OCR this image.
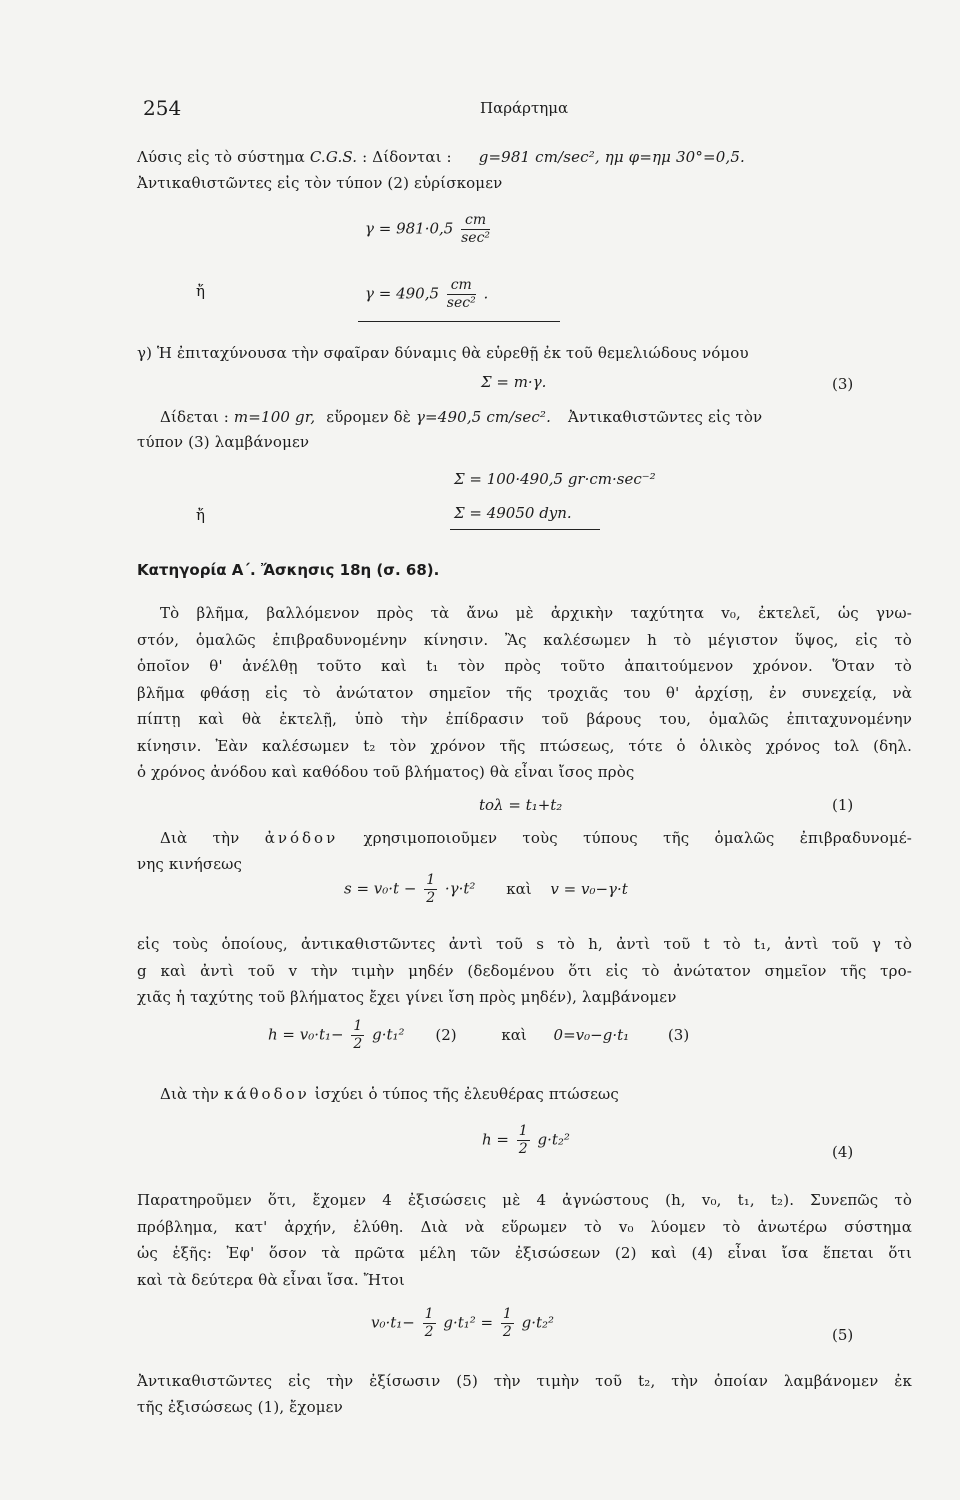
254	Παράρτημα
Λύσις εἰς τὸ σύστημα C.G.S. : Δίδονται : g=981 cm/sec², ημ φ=ημ 30°=0,5.
Ἀντικαθιστῶντες εἰς τὸν τύπον (2) εὑρίσκομεν
$\gamma = 981\cdot 0,5 \frac{cm}{\text{sec²}}$
ἤ	$\gamma = 490,5 \frac{cm}{\text{sec²}}$ .
γ) Ἡ ἐπιταχύνουσα τὴν σφαῖραν δύναμις θὰ εὑρεθῇ ἐκ τοῦ θεμελιώδους νόμου
Σ = m·γ.	(3)
Δίδεται : m=100 gr, εὕρομεν δὲ γ=490,5 cm/sec². Ἀντικαθιστῶντες εἰς τὸν
τύπον (3) λαμβάνομεν
Σ = 100·490,5 gr·cm·sec⁻²
ἤ	Σ = 49050 dyn.
Κατηγορία Α΄. Ἄσκησις 18η (σ. 68).
Τὸ βλῆμα, βαλλόμενον πρὸς τὰ ἄνω μὲ ἀρχικὴν ταχύτητα v₀, ἐκτελεῖ, ὡς γνω-
στόν, ὁμαλῶς ἐπιβραδυνομένην κίνησιν. Ἂς καλέσωμεν h τὸ μέγιστον ὕψος, εἰς τὸ
ὁποῖον θ' ἀνέλθῃ τοῦτο καὶ t₁ τὸν πρὸς τοῦτο ἀπαιτούμενον χρόνον. Ὅταν τὸ
βλῆμα φθάσῃ εἰς τὸ ἀνώτατον σημεῖον τῆς τροχιᾶς του θ' ἀρχίσῃ, ἐν συνεχείᾳ, νὰ
πίπτῃ καὶ θὰ ἐκτελῇ, ὑπὸ τὴν ἐπίδρασιν τοῦ βάρους του, ὁμαλῶς ἐπιταχυνομένην
κίνησιν. Ἐὰν καλέσωμεν t₂ τὸν χρόνον τῆς πτώσεως, τότε ὁ ὁλικὸς χρόνος tολ (δηλ.
ὁ χρόνος ἀνόδου καὶ καθόδου τοῦ βλήματος) θὰ εἶναι ἴσος πρὸς
tολ = t₁+t₂	(1)
Διὰ τὴν ἀνόδον χρησιμοποιοῦμεν τοὺς τύπους τῆς ὁμαλῶς ἐπιβραδυνομέ-
νης κινήσεως
$s = v_0\cdot t - \frac{1}{2} \cdot\gamma\cdot t^2$ καὶ v = v₀−γ·t
εἰς τοὺς ὁποίους, ἀντικαθιστῶντες ἀντὶ τοῦ s τὸ h, ἀντὶ τοῦ t τὸ t₁, ἀντὶ τοῦ γ τὸ
g καὶ ἀντὶ τοῦ v τὴν τιμὴν μηδέν (δεδομένου ὅτι εἰς τὸ ἀνώτατον σημεῖον τῆς τρο-
χιᾶς ἡ ταχύτης τοῦ βλήματος ἔχει γίνει ἴση πρὸς μηδέν), λαμβάνομεν
$h = v_0\cdot t_1- \frac{1}{2} g\cdot t_1^2$ (2)	καὶ 0=v₀−g·t₁	(3)
Διὰ τὴν κάθοδον ἰσχύει ὁ τύπος τῆς ἐλευθέρας πτώσεως
$h = \frac{1}{2} g\cdot t_2^2$
(4)
Παρατηροῦμεν ὅτι, ἔχομεν 4 ἐξισώσεις μὲ 4 ἀγνώστους (h, v₀, t₁, t₂). Συνεπῶς τὸ
πρόβλημα, κατ' ἀρχήν, ἐλύθη. Διὰ νὰ εὕρωμεν τὸ v₀ λύομεν τὸ ἀνωτέρω σύστημα
ὡς ἑξῆς: Ἐφ' ὅσον τὰ πρῶτα μέλη τῶν ἐξισώσεων (2) καὶ (4) εἶναι ἴσα ἕπεται ὅτι
καὶ τὰ δεύτερα θὰ εἶναι ἴσα. Ἤτοι
$v_0\cdot t_1- \frac{1}{2} g\cdot t_1^2 = \frac{1}{2} g\cdot t_2^2$
(5)
Ἀντικαθιστῶντες εἰς τὴν ἐξίσωσιν (5) τὴν τιμὴν τοῦ t₂, τὴν ὁποίαν λαμβάνομεν ἐκ
τῆς ἐξισώσεως (1), ἔχομεν
